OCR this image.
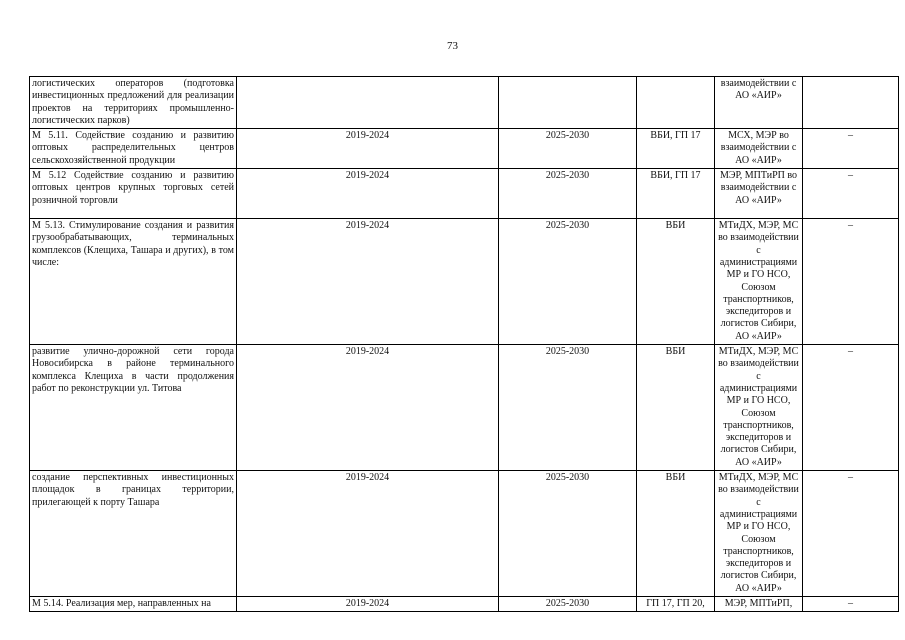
73
логистических операторов (подготовка инвестиционных предложений для реализации проектов на территориях промышленно-логистических парков)				взаимодействии с АО «АИР»	
М 5.11. Содействие созданию и развитию оптовых распределительных центров сельскохозяйственной продукции	2019-2024	2025-2030	ВБИ, ГП 17	МСХ, МЭР во взаимодействии с АО «АИР»	–
М 5.12 Содействие созданию и развитию оптовых центров крупных торговых сетей розничной торговли	2019-2024	2025-2030	ВБИ, ГП 17	МЭР, МПТиРП во взаимодействии с АО «АИР»	–
М 5.13. Стимулирование создания и развития грузообрабатывающих, терминальных комплексов (Клещиха, Ташара и других), в том числе:	2019-2024	2025-2030	ВБИ	МТиДХ, МЭР, МС во взаимодействии с администрациями МР и ГО НСО, Союзом транспортников, экспедиторов и логистов Сибири, АО «АИР»	–
развитие улично-дорожной сети города Новосибирска в районе терминального комплекса Клещиха в части продолжения работ по реконструкции ул. Титова	2019-2024	2025-2030	ВБИ	МТиДХ, МЭР, МС во взаимодействии с администрациями МР и ГО НСО, Союзом транспортников, экспедиторов и логистов Сибири, АО «АИР»	–
создание перспективных инвестиционных площадок в границах территории, прилегающей к порту Ташара	2019-2024	2025-2030	ВБИ	МТиДХ, МЭР, МС во взаимодействии с администрациями МР и ГО НСО, Союзом транспортников, экспедиторов и логистов Сибири, АО «АИР»	–
М 5.14. Реализация мер, направленных на	2019-2024	2025-2030	ГП 17, ГП 20,	МЭР, МПТиРП,	–
